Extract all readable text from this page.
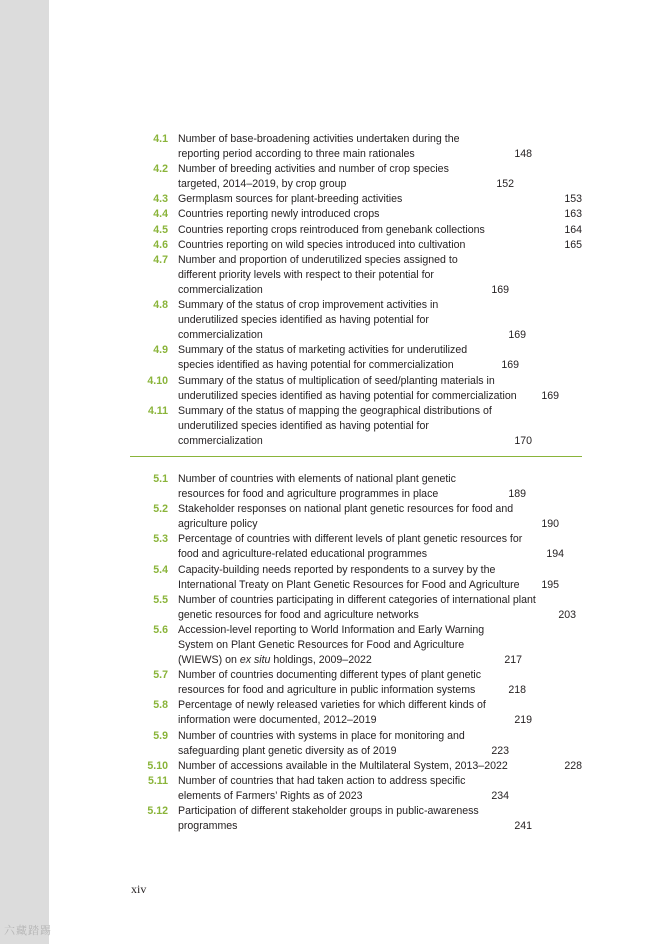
4.1 Number of base-broadening activities undertaken during the reporting period according to three main rationales	148
4.2 Number of breeding activities and number of crop species targeted, 2014–2019, by crop group	152
4.3 Germplasm sources for plant-breeding activities	153
4.4 Countries reporting newly introduced crops	163
4.5 Countries reporting crops reintroduced from genebank collections	164
4.6 Countries reporting on wild species introduced into cultivation	165
4.7 Number and proportion of underutilized species assigned to different priority levels with respect to their potential for commercialization	169
4.8 Summary of the status of crop improvement activities in underutilized species identified as having potential for commercialization	169
4.9 Summary of the status of marketing activities for underutilized species identified as having potential for commercialization	169
4.10 Summary of the status of multiplication of seed/planting materials in underutilized species identified as having potential for commercialization	169
4.11 Summary of the status of mapping the geographical distributions of underutilized species identified as having potential for commercialization	170
5.1 Number of countries with elements of national plant genetic resources for food and agriculture programmes in place	189
5.2 Stakeholder responses on national plant genetic resources for food and agriculture policy	190
5.3 Percentage of countries with different levels of plant genetic resources for food and agriculture-related educational programmes	194
5.4 Capacity-building needs reported by respondents to a survey by the International Treaty on Plant Genetic Resources for Food and Agriculture	195
5.5 Number of countries participating in different categories of international plant genetic resources for food and agriculture networks	203
5.6 Accession-level reporting to World Information and Early Warning System on Plant Genetic Resources for Food and Agriculture (WIEWS) on ex situ holdings, 2009–2022	217
5.7 Number of countries documenting different types of plant genetic resources for food and agriculture in public information systems	218
5.8 Percentage of newly released varieties for which different kinds of information were documented, 2012–2019	219
5.9 Number of countries with systems in place for monitoring and safeguarding plant genetic diversity as of 2019	223
5.10 Number of accessions available in the Multilateral System, 2013–2022	228
5.11 Number of countries that had taken action to address specific elements of Farmers’ Rights as of 2023	234
5.12 Participation of different stakeholder groups in public-awareness programmes	241
xiv
六藏踏踢
